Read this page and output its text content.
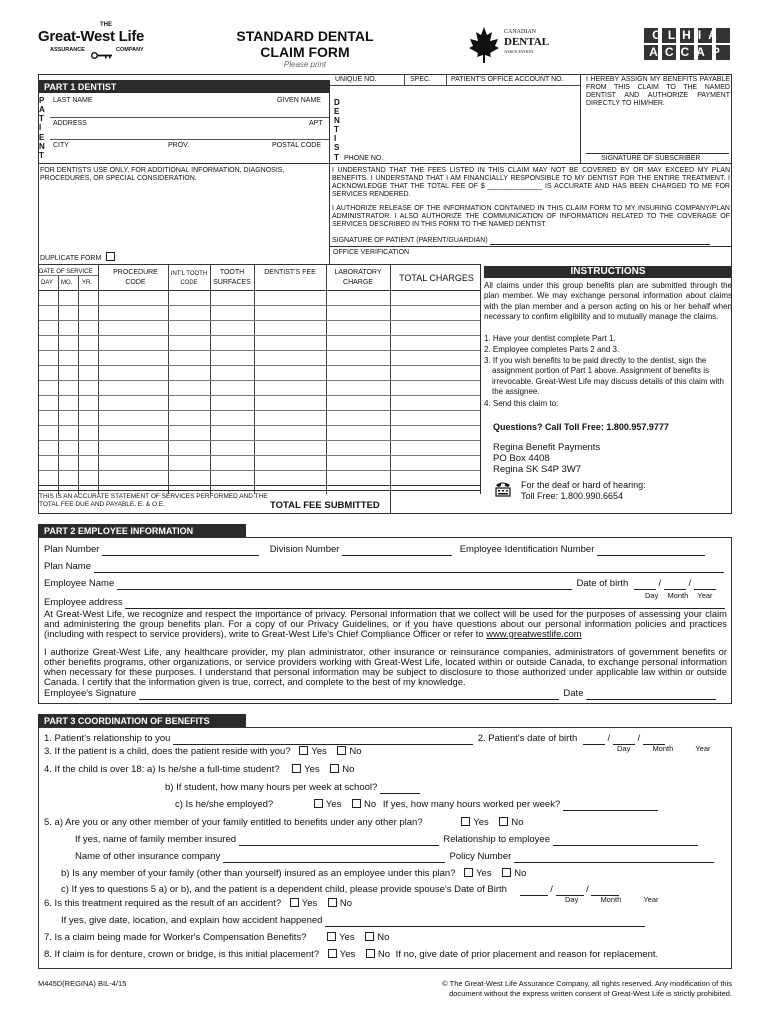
THE
Great-West Life
ASSURANCE	COMPANY
STANDARD DENTAL
CLAIM FORM
Please print
CANADIAN
DENTAL
ASSOCIATION
CLHIA
ACCAP
PART 1 DENTIST
P
A
T
I
E
N
T
LAST NAME	GIVEN NAME
ADDRESS	APT
CITY	PROV.	POSTAL CODE
UNIQUE NO.	SPEC.	PATIENT'S OFFICE ACCOUNT NO.
D
E
N
T
I
S
T PHONE NO.
I HEREBY ASSIGN MY BENEFITS PAYABLE FROM THIS CLAIM TO THE NAMED DENTIST AND AUTHORIZE PAYMENT DIRECTLY TO HIM/HER.
SIGNATURE OF SUBSCRIBER
FOR DENTISTS USE ONLY, FOR ADDITIONAL INFORMATION, DIAGNOSIS, PROCEDURES, OR SPECIAL CONSIDERATION.
DUPLICATE FORM
I UNDERSTAND THAT THE FEES LISTED IN THIS CLAIM MAY NOT BE COVERED BY OR MAY EXCEED MY PLAN BENEFITS. I UNDERSTAND THAT I AM FINANCIALLY RESPONSIBLE TO MY DENTIST FOR THE ENTIRE TREATMENT. I ACKNOWLEDGE THAT THE TOTAL FEE OF $ ______________ IS ACCURATE AND HAS BEEN CHARGED TO ME FOR SERVICES RENDERED.
I AUTHORIZE RELEASE OF THE INFORMATION CONTAINED IN THIS CLAIM FORM TO MY INSURING COMPANY/PLAN ADMINISTRATOR. I ALSO AUTHORIZE THE COMMUNICATION OF INFORMATION RELATED TO THE COVERAGE OF SERVICES DESCRIBED IN THIS FORM TO THE NAMED DENTIST.
SIGNATURE OF PATIENT (PARENT/GUARDIAN)
OFFICE VERIFICATION
DATE OF SERVICE
DAY MO. YR.
PROCEDURE CODE
INT'L TOOTH CODE
TOOTH SURFACES
DENTIST'S FEE	LABORATORY CHARGE	TOTAL CHARGES
THIS IS AN ACCURATE STATEMENT OF SERVICES PERFORMED AND THE TOTAL FEE DUE AND PAYABLE, E. & O.E.	TOTAL FEE SUBMITTED
INSTRUCTIONS
All claims under this group benefits plan are submitted through the plan member. We may exchange personal information about claims with the plan member and a person acting on his or her behalf when necessary to confirm eligibility and to mutually manage the claims.
1. Have your dentist complete Part 1.
2. Employee completes Parts 2 and 3.
3. If you wish benefits to be paid directly to the dentist, sign the assignment portion of Part 1 above. Assignment of benefits is irrevocable. Great-West Life may discuss details of this claim with the assignee.
4. Send this claim to:
Questions? Call Toll Free: 1.800.957.9777
Regina Benefit Payments
PO Box 4408
Regina SK S4P 3W7
For the deaf or hard of hearing:
Toll Free: 1.800.990.6654
PART 2 EMPLOYEE INFORMATION
Plan Number	Division Number	Employee Identification Number
Plan Name
Employee Name	Date of birth	/  /
Day Month Year
Employee address
At Great-West Life, we recognize and respect the importance of privacy. Personal information that we collect will be used for the purposes of assessing your claim and administering the group benefits plan. For a copy of our Privacy Guidelines, or if you have questions about our personal information policies and practices (including with respect to service providers), write to Great-West Life's Chief Compliance Officer or refer to www.greatwestlife.com
I authorize Great-West Life, any healthcare provider, my plan administrator, other insurance or reinsurance companies, administrators of government benefits or other benefits programs, other organizations, or service providers working with Great-West Life, located within or outside Canada, to exchange personal information when necessary for these purposes. I understand that personal information may be subject to disclosure to those authorized under applicable law within or outside Canada. I certify that the information given is true, correct, and complete to the best of my knowledge.
Employee's Signature	Date
PART 3 COORDINATION OF BENEFITS
1. Patient's relationship to you	2. Patient's date of birth	/  /
Day	Month	Year
3. If the patient is a child, does the patient reside with you? Yes No
4. If the child is over 18: a) Is he/she a full-time student?	Yes No
b) If student, how many hours per week at school?
c) Is he/she employed?	Yes No If yes, how many hours worked per week?
5. a) Are you or any other member of your family entitled to benefits under any other plan?	Yes No
If yes, name of family member insured	Relationship to employee
Name of other insurance company	Policy Number
b) Is any member of your family (other than yourself) insured as an employee under this plan? Yes No
c) If yes to questions 5 a) or b), and the patient is a dependent child, please provide spouse's Date of Birth	/	/
Day	Month	Year
6. Is this treatment required as the result of an accident? Yes No
If yes, give date, location, and explain how accident happened
7. Is a claim being made for Worker's Compensation Benefits?	Yes No
8. If claim is for denture, crown or bridge, is this initial placement? Yes No If no, give date of prior placement and reason for replacement.
M445D(REGINA) BIL-4/15	© The Great-West Life Assurance Company, all rights reserved. Any modification of this
document without the express written consent of Great-West Life is strictly prohibited.
